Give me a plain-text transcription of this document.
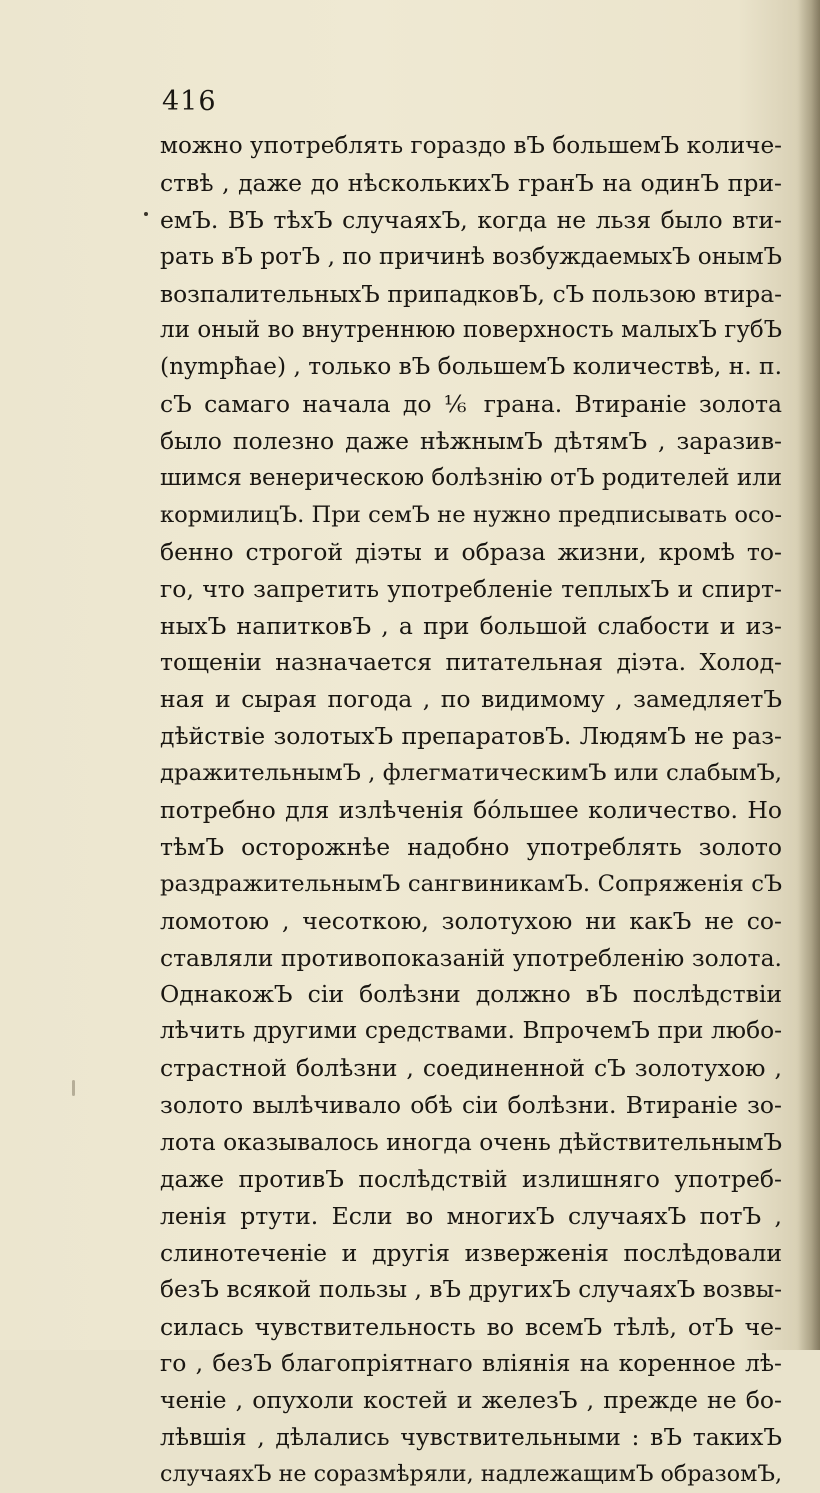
416
можно употреблять гораздо вЪ большемЪ количе-
ствѣ , даже до нѣсколькихЪ гранЪ на одинЪ при-
емЪ. ВЪ тѣхЪ случаяхЪ, когда не льзя было вти-
рать вЪ ротЪ , по причинѣ возбуждаемыхЪ онымЪ
возпалительныхЪ припадковЪ, сЪ пользою втира-
ли оный во внутреннюю поверхность малыхЪ губЪ
(nympħae) , только вЪ большемЪ количествѣ, н. п.
сЪ самаго начала до ⅙ грана. Втираніе золота
было полезно даже нѣжнымЪ дѣтямЪ , заразив-
шимся венерическою болѣзнію отЪ родителей или
кормилицЪ. При семЪ не нужно предписывать осо-
бенно строгой діэты и образа жизни, кромѣ то-
го, что запретить употребленіе теплыхЪ и спирт-
ныхЪ напитковЪ , а при большой слабости и из-
тощеніи назначается питательная діэта. Холод-
ная и сырая погода , по видимому , замедляетЪ
дѣйствіе золотыхЪ препаратовЪ. ЛюдямЪ не раз-
дражительнымЪ , флегматическимЪ или слабымЪ,
потребно для излѣченія бóльшее количество. Но
тѣмЪ осторожнѣе надобно употреблять золото
раздражительнымЪ сангвиникамЪ. Сопряженія сЪ
ломотою , чесоткою, золотухою ни какЪ не со-
ставляли противопоказаній употребленію золота.
ОднакожЪ сіи болѣзни должно вЪ послѣдствіи
лѣчить другими средствами. ВпрочемЪ при любо-
страстной болѣзни , соединенной сЪ золотухою ,
золото вылѣчивало обѣ сіи болѣзни. Втираніе зо-
лота оказывалось иногда очень дѣйствительнымЪ
даже противЪ послѣдствій излишняго употреб-
ленія ртути. Если во многихЪ случаяхЪ потЪ ,
слинотеченіе и другія изверженія послѣдовали
безЪ всякой пользы , вЪ другихЪ случаяхЪ возвы-
силась чувствительность во всемЪ тѣлѣ, отЪ че-
го , безЪ благопріятнаго вліянія на коренное лѣ-
ченіе , опухоли костей и железЪ , прежде не бо-
лѣвшія , дѣлались чувствительными : вЪ такихЪ
случаяхЪ не соразмѣряли, надлежащимЪ образомЪ,
